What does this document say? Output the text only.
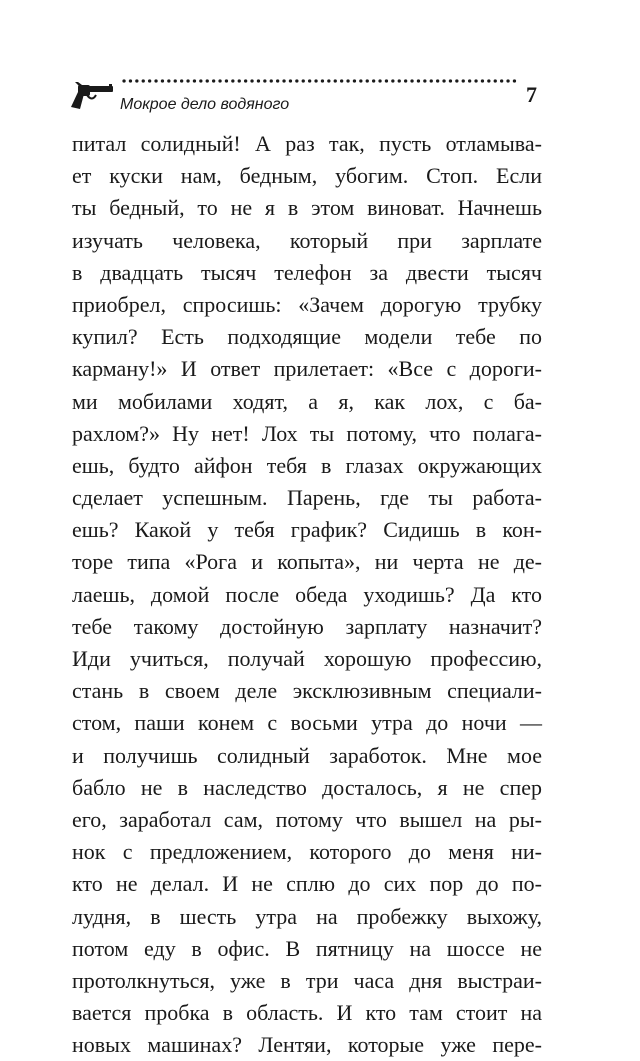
Мокрое дело водяного	7
питал солидный! А раз так, пусть отламыва-
ет куски нам, бедным, убогим. Стоп. Если
ты бедный, то не я в этом виноват. Начнешь
изучать человека, который при зарплате
в двадцать тысяч телефон за двести тысяч
приобрел, спросишь: «Зачем дорогую трубку
купил? Есть подходящие модели тебе по
карману!» И ответ прилетает: «Все с дороги-
ми мобилами ходят, а я, как лох, с ба-
рахлом?» Ну нет! Лох ты потому, что полага-
ешь, будто айфон тебя в глазах окружающих
сделает успешным. Парень, где ты работа-
ешь? Какой у тебя график? Сидишь в кон-
торе типа «Рога и копыта», ни черта не де-
лаешь, домой после обеда уходишь? Да кто
тебе такому достойную зарплату назначит?
Иди учиться, получай хорошую профессию,
стань в своем деле эксклюзивным специали-
стом, паши конем с восьми утра до ночи —
и получишь солидный заработок. Мне мое
бабло не в наследство досталось, я не спер
его, заработал сам, потому что вышел на ры-
нок с предложением, которого до меня ни-
кто не делал. И не сплю до сих пор до по-
лудня, в шесть утра на пробежку выхожу,
потом еду в офис. В пятницу на шоссе не
протолкнуться, уже в три часа дня выстраи-
вается пробка в область. И кто там стоит на
новых машинах? Лентяи, которые уже пере-
